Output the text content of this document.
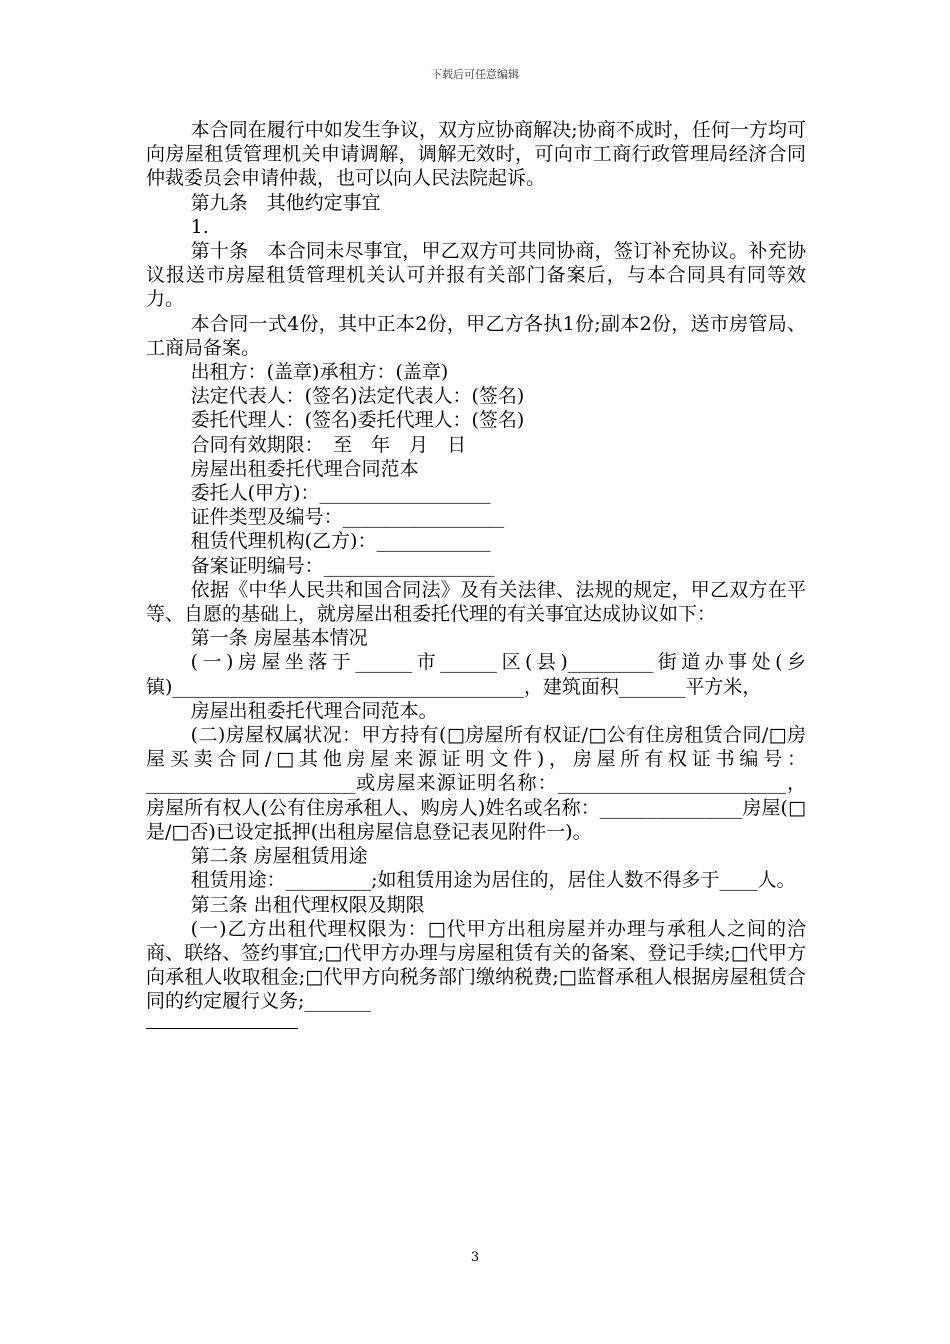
下载后可任意编辑

本合同在履行中如发生争议，双方应协商解决;协商不成时，任何一方均可向房屋租赁管理机关申请调解，调解无效时，可向市工商行政管理局经济合同仲裁委员会申请仲裁，也可以向人民法院起诉。

第九条　其他约定事宜

1.

第十条　本合同未尽事宜，甲乙双方可共同协商，签订补充协议。补充协议报送市房屋租赁管理机关认可并报有关部门备案后，与本合同具有同等效力。

本合同一式4份，其中正本2份，甲乙方各执1份;副本2份，送市房管局、工商局备案。

出租方：(盖章)承租方：(盖章)

法定代表人：(签名)法定代表人：(签名)

委托代理人：(签名)委托代理人：(签名)

合同有效期限：　至　年　月　日

房屋出租委托代理合同范本

委托人(甲方)：__________________

证件类型及编号：_________________

租赁代理机构(乙方)：____________

备案证明编号：__________________

依据《中华人民共和国合同法》及有关法律、法规的规定，甲乙双方在平等、自愿的基础上，就房屋出租委托代理的有关事宜达成协议如下：

第一条 房屋基本情况

(一)房屋坐落于______市______区(县)_________街道办事处(乡镇)_____________________________________，建筑面积_______平方米，

房屋出租委托代理合同范本。

(二)房屋权属状况：甲方持有(□房屋所有权证/□公有住房租赁合同/□房屋买卖合同/□其他房屋来源证明文件)，房屋所有权证书编号：______________________或房屋来源证明名称：________________________，房屋所有权人(公有住房承租人、购房人)姓名或名称：_______________房屋(□是/□否)已设定抵押(出租房屋信息登记表见附件一)。

第二条 房屋租赁用途

租赁用途：_________;如租赁用途为居住的，居住人数不得多于____人。

第三条 出租代理权限及期限

(一)乙方出租代理权限为：□代甲方出租房屋并办理与承租人之间的洽商、联络、签约事宜;□代甲方办理与房屋租赁有关的备案、登记手续;□代甲方向承租人收取租金;□代甲方向税务部门缴纳税费;□监督承租人根据房屋租赁合同的约定履行义务;_______

3
